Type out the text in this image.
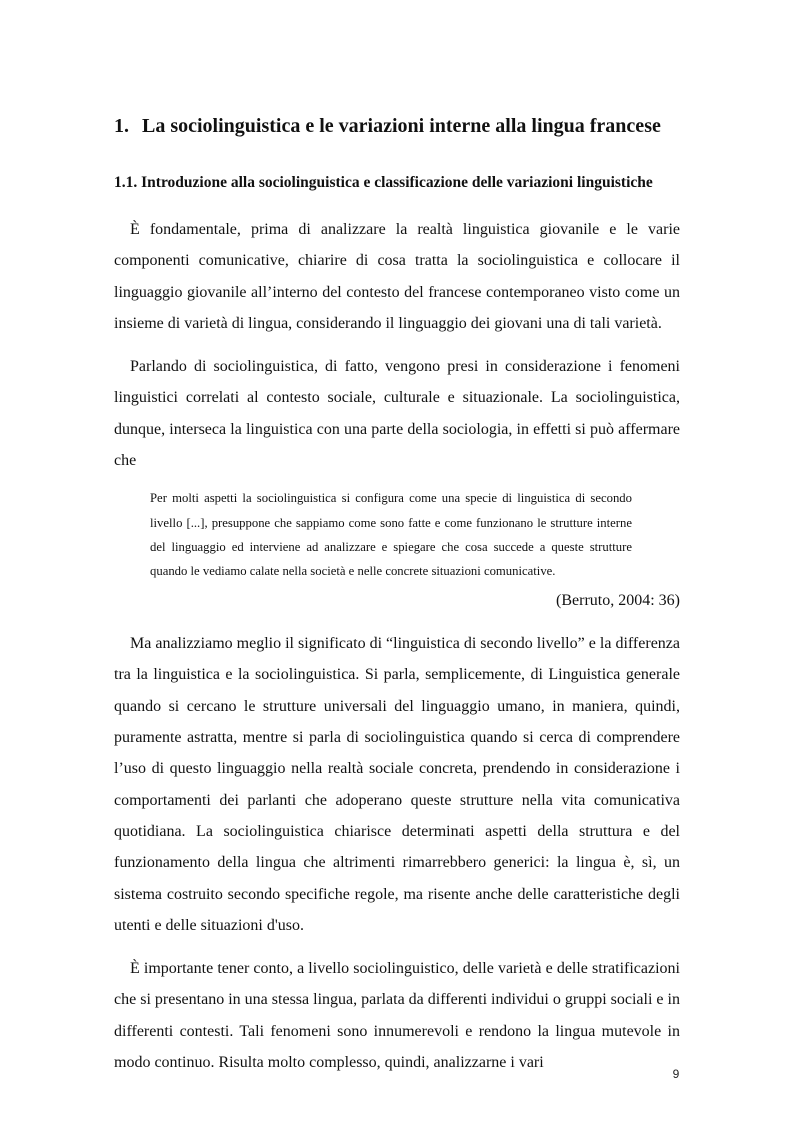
1. La sociolinguistica e le variazioni interne alla lingua francese
1.1. Introduzione alla sociolinguistica e classificazione delle variazioni linguistiche

È fondamentale, prima di analizzare la realtà linguistica giovanile e le varie componenti comunicative, chiarire di cosa tratta la sociolinguistica e collocare il linguaggio giovanile all’interno del contesto del francese contemporaneo visto come un insieme di varietà di lingua, considerando il linguaggio dei giovani una di tali varietà.

Parlando di sociolinguistica, di fatto, vengono presi in considerazione i fenomeni linguistici correlati al contesto sociale, culturale e situazionale. La sociolinguistica, dunque, interseca la linguistica con una parte della sociologia, in effetti si può affermare che

Per molti aspetti la sociolinguistica si configura come una specie di linguistica di secondo livello [...], presuppone che sappiamo come sono fatte e come funzionano le strutture interne del linguaggio ed interviene ad analizzare e spiegare che cosa succede a queste strutture quando le vediamo calate nella società e nelle concrete situazioni comunicative.

(Berruto, 2004: 36)

Ma analizziamo meglio il significato di “linguistica di secondo livello” e la differenza tra la linguistica e la sociolinguistica. Si parla, semplicemente, di Linguistica generale quando si cercano le strutture universali del linguaggio umano, in maniera, quindi, puramente astratta, mentre si parla di sociolinguistica quando si cerca di comprendere l’uso di questo linguaggio nella realtà sociale concreta, prendendo in considerazione i comportamenti dei parlanti che adoperano queste strutture nella vita comunicativa quotidiana. La sociolinguistica chiarisce determinati aspetti della struttura e del funzionamento della lingua che altrimenti rimarrebbero generici: la lingua è, sì, un sistema costruito secondo specifiche regole, ma risente anche delle caratteristiche degli utenti e delle situazioni d'uso.

È importante tener conto, a livello sociolinguistico, delle varietà e delle stratificazioni che si presentano in una stessa lingua, parlata da differenti individui o gruppi sociali e in differenti contesti. Tali fenomeni sono innumerevoli e rendono la lingua mutevole in modo continuo. Risulta molto complesso, quindi, analizzarne i vari

9
